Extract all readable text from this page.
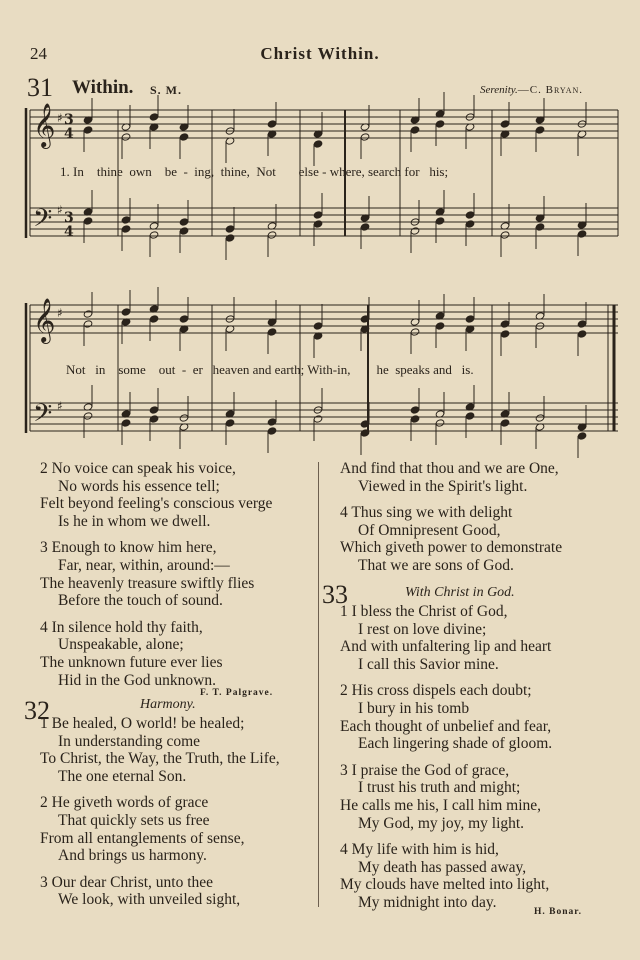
24	Christ Within.
31 Within. S. M.	Serenity.—C. Bryan.
𝄞
𝄢
𝄞
𝄢
♯
♯
♯
♯
3
4
3
4
1. In    thine  own    be  -  ing,  thine,  Not       else - where, search for   his;
Not   in    some    out  -  er   heaven and earth; With-in,        he  speaks and   is.
2 No voice can speak his voice,
No words his essence tell;
Felt beyond feeling's conscious verge
Is he in whom we dwell.
3 Enough to know him here,
Far, near, within, around:—
The heavenly treasure swiftly flies
Before the touch of sound.
4 In silence hold thy faith,
Unspeakable, alone;
The unknown future ever lies
Hid in the God unknown.
F. T. Palgrave.
32	Harmony.
1 Be healed, O world! be healed;
In understanding come
To Christ, the Way, the Truth, the Life,
The one eternal Son.
2 He giveth words of grace
That quickly sets us free
From all entanglements of sense,
And brings us harmony.
3 Our dear Christ, unto thee
We look, with unveiled sight,
And find that thou and we are One,
Viewed in the Spirit's light.
4 Thus sing we with delight
Of Omnipresent Good,
Which giveth power to demonstrate
That we are sons of God.
33	With Christ in God.
1 I bless the Christ of God,
I rest on love divine;
And with unfaltering lip and heart
I call this Savior mine.
2 His cross dispels each doubt;
I bury in his tomb
Each thought of unbelief and fear,
Each lingering shade of gloom.
3 I praise the God of grace,
I trust his truth and might;
He calls me his, I call him mine,
My God, my joy, my light.
4 My life with him is hid,
My death has passed away,
My clouds have melted into light,
My midnight into day.
H. Bonar.
